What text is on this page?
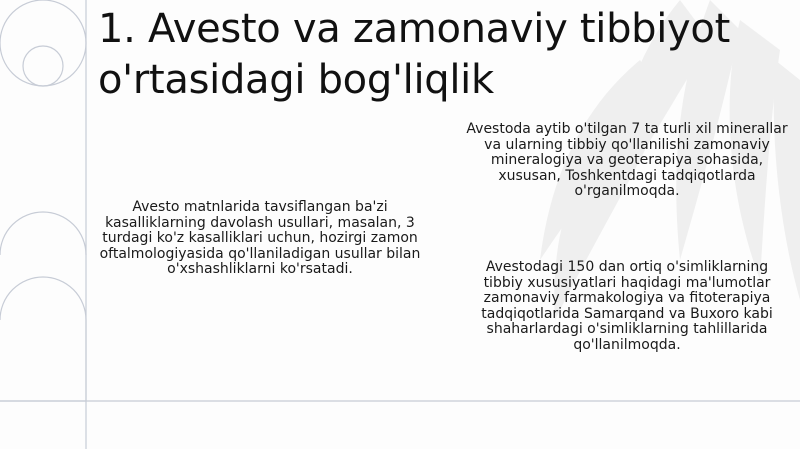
1. Avesto va zamonaviy tibbiyot o'rtasidagi bog'liqlik

Avesto matnlarida tavsiflangan ba'zi kasalliklarning davolash usullari, masalan, 3 turdagi ko'z kasalliklari uchun, hozirgi zamon oftalmologiyasida qo'llaniladigan usullar bilan o'xshashliklarni ko'rsatadi.

Avestoda aytib o'tilgan 7 ta turli xil minerallar va ularning tibbiy qo'llanilishi zamonaviy mineralogiya va geoterapiya sohasida, xususan, Toshkentdagi tadqiqotlarda o'rganilmoqda.

Avestodagi 150 dan ortiq o'simliklarning tibbiy xususiyatlari haqidagi ma'lumotlar zamonaviy farmakologiya va fitoterapiya tadqiqotlarida Samarqand va Buxoro kabi shaharlardagi o'simliklarning tahlillarida qo'llanilmoqda.
